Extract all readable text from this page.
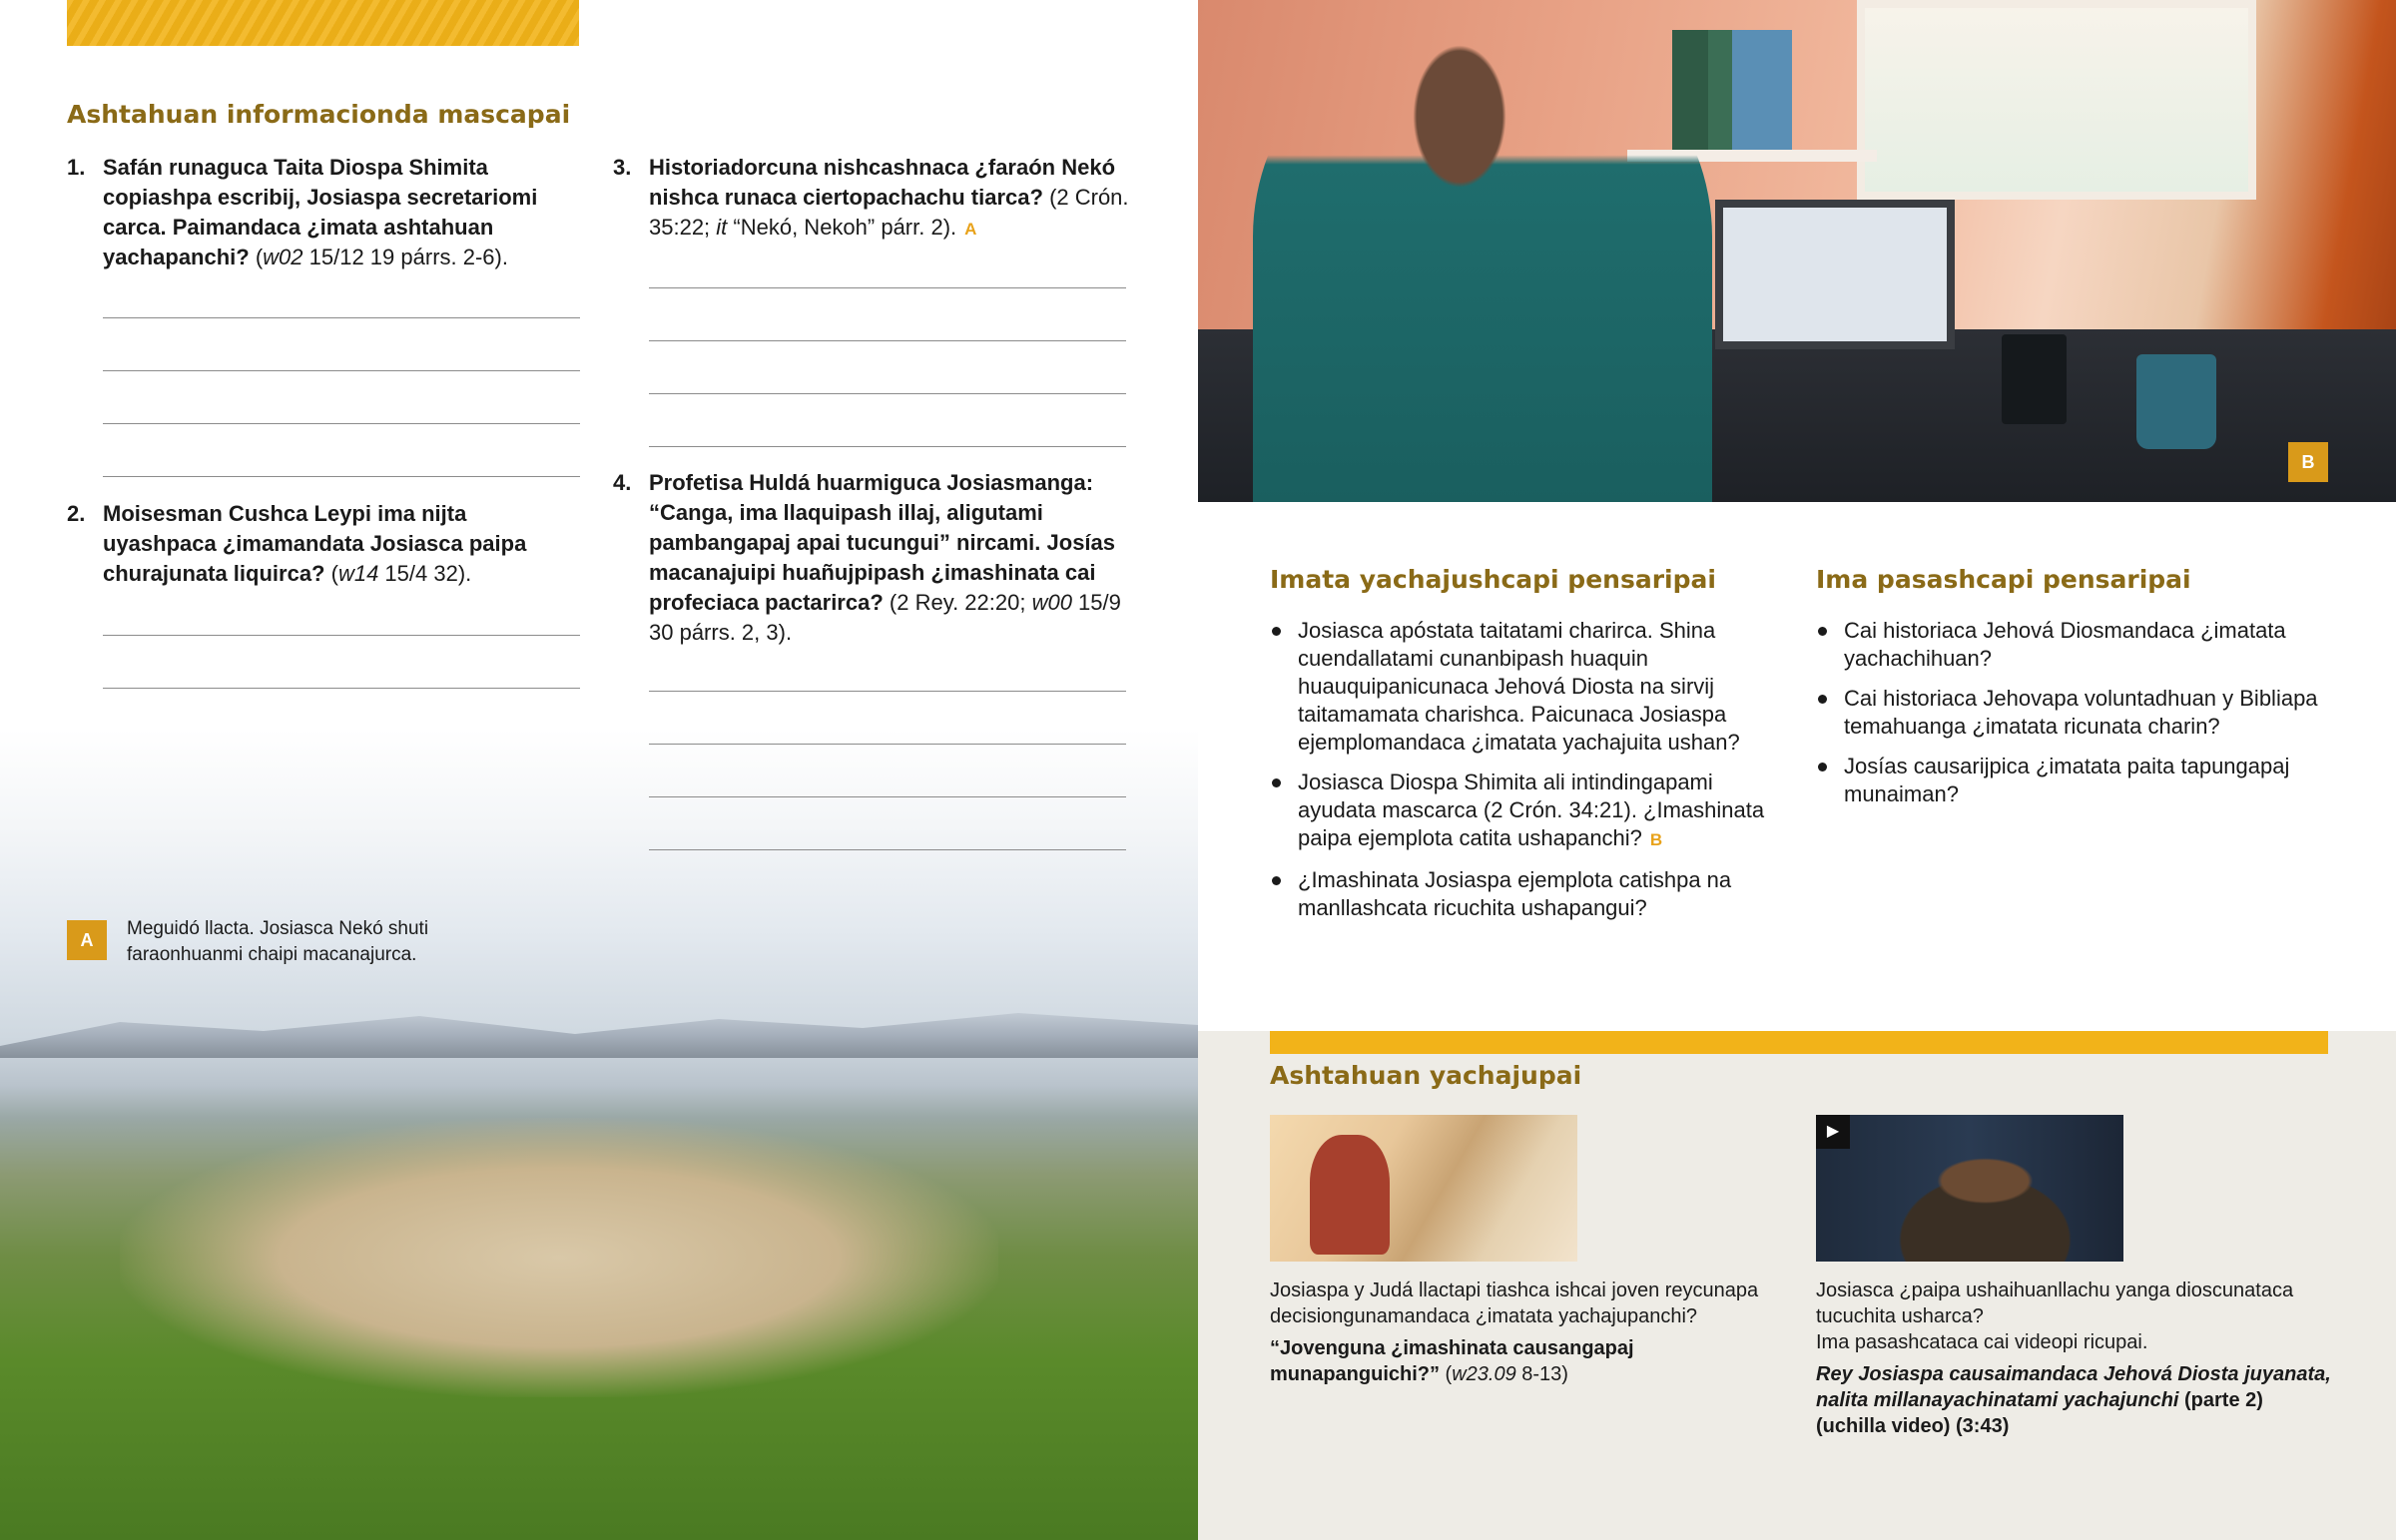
Ashtahuan informacionda mascapai
1. Safán runaguca Taita Diospa Shimita copiashpa escribij, Josiaspa secretariomi carca. Paimandaca ¿imata ashtahuan yachapanchi? (w02 15/12 19 párrs. 2-6).
2. Moisesman Cushca Leypi ima nijta uyashpaca ¿imamandata Josiasca paipa churajunata liquirca? (w14 15/4 32).
3. Historiadorcuna nishcashnaca ¿faraón Nekó nishca runaca ciertopachachu tiarca? (2 Crón. 35:22; it “Nekó, Nekoh” párr. 2). A
4. Profetisa Huldá huarmiguca Josiasmanga: “Canga, ima llaquipash illaj, aligutami pambangapaj apai tucungui” nircami. Josías macanajuipi huañujpipash ¿imashinata cai profeciaca pactarirca? (2 Rey. 22:20; w00 15/9 30 párrs. 2, 3).
A
Meguidó llacta. Josiasca Nekó shuti faraonhuanmi chaipi macanajurca.
B
Imata yachajushcapi pensaripai
Josiasca apóstata taitatami charirca. Shina cuendallatami cunanbipash huaquin huauquipanicunaca Jehová Diosta na sirvij taitamamata charishca. Paicunaca Josiaspa ejemplomandaca ¿imatata yachajuita ushan?
Josiasca Diospa Shimita ali intindingapami ayudata mascarca (2 Crón. 34:21). ¿Imashinata paipa ejemplota catita ushapanchi? B
¿Imashinata Josiaspa ejemplota catishpa na manllashcata ricuchita ushapangui?
Ima pasashcapi pensaripai
Cai historiaca Jehová Diosmandaca ¿imatata yachachihuan?
Cai historiaca Jehovapa voluntadhuan y Bibliapa temahuanga ¿imatata ricunata charin?
Josías causarijpica ¿imatata paita tapungapaj munaiman?
Ashtahuan yachajupai
Josiaspa y Judá llactapi tiashca ishcai joven reycunapa decisiongunamandaca ¿imatata yachajupanchi?
“Jovenguna ¿imashinata causangapaj munapanguichi?” (w23.09 8-13)
▶
Josiasca ¿paipa ushaihuanllachu yanga dioscunataca tucuchita usharca?
Ima pasashcataca cai videopi ricupai.
Rey Josiaspa causaimandaca Jehová Diosta juyanata, nalita millanayachinatami yachajunchi (parte 2) (uchilla video) (3:43)
